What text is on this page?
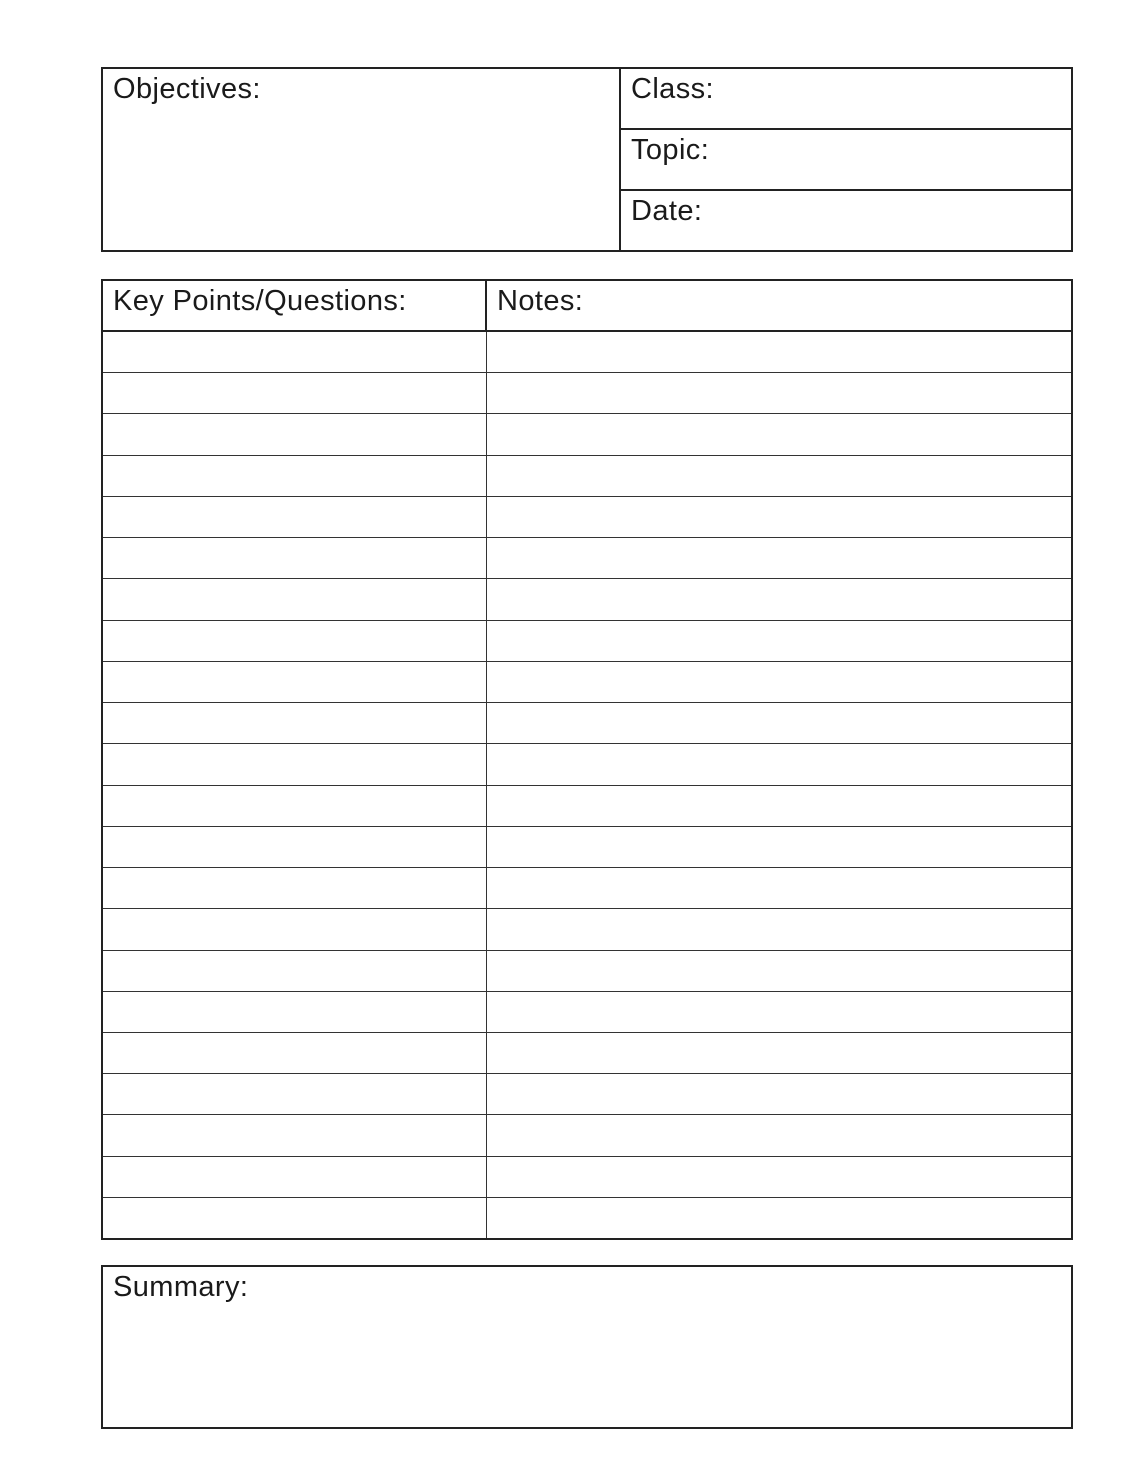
Objectives:	Class:
Topic:
Date:
Key Points/Questions:	Notes:
Summary:
